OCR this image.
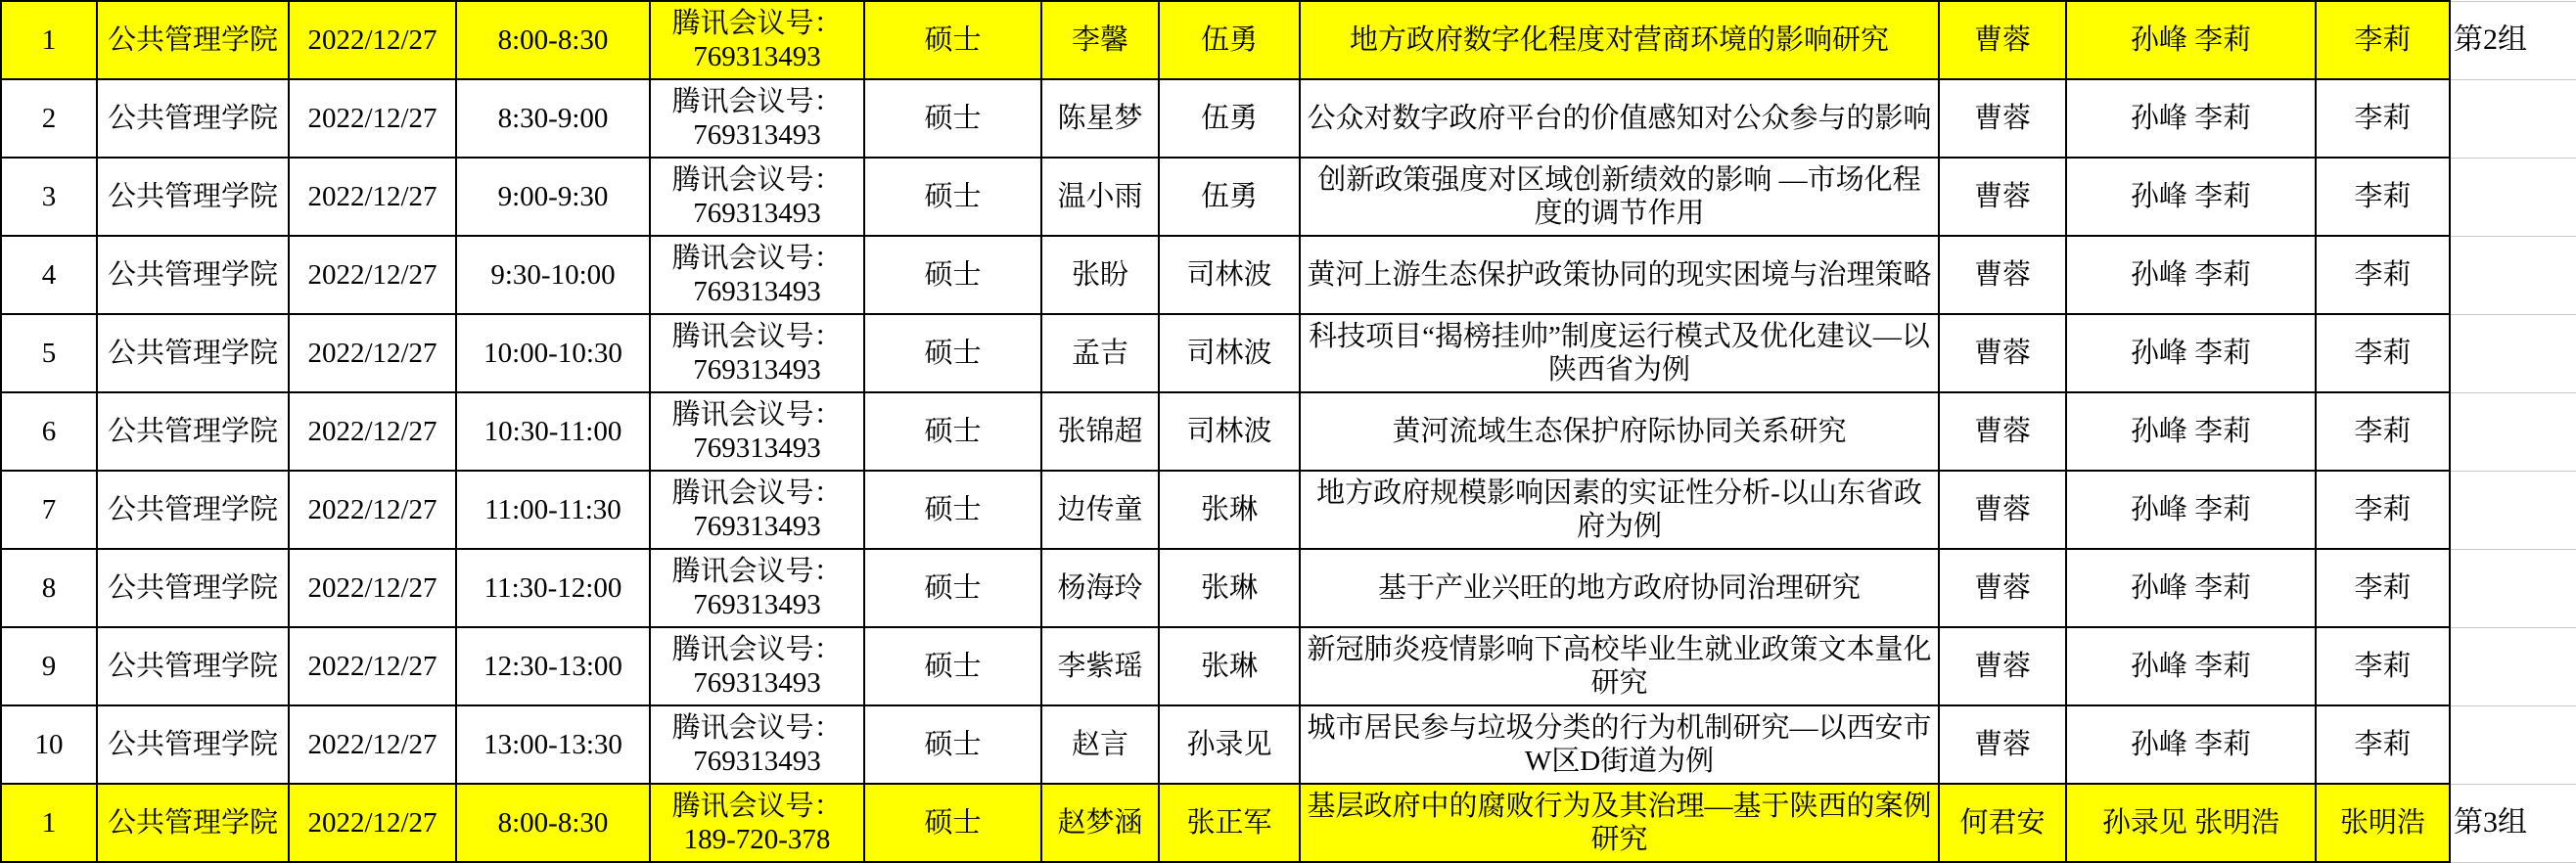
1	公共管理学院	2022/12/27	8:00-8:30	腾讯会议号：
769313493	硕士	李馨	伍勇	地方政府数字化程度对营商环境的影响研究	曹蓉	孙峰 李莉	李莉	第2组
2	公共管理学院	2022/12/27	8:30-9:00	腾讯会议号：
769313493	硕士	陈星梦	伍勇	公众对数字政府平台的价值感知对公众参与的影响	曹蓉	孙峰 李莉	李莉	
3	公共管理学院	2022/12/27	9:00-9:30	腾讯会议号：
769313493	硕士	温小雨	伍勇	创新政策强度对区域创新绩效的影响 —市场化程度的调节作用	曹蓉	孙峰 李莉	李莉	
4	公共管理学院	2022/12/27	9:30-10:00	腾讯会议号：
769313493	硕士	张盼	司林波	黄河上游生态保护政策协同的现实困境与治理策略	曹蓉	孙峰 李莉	李莉	
5	公共管理学院	2022/12/27	10:00-10:30	腾讯会议号：
769313493	硕士	孟吉	司林波	科技项目“揭榜挂帅”制度运行模式及优化建议—以陕西省为例	曹蓉	孙峰 李莉	李莉	
6	公共管理学院	2022/12/27	10:30-11:00	腾讯会议号：
769313493	硕士	张锦超	司林波	黄河流域生态保护府际协同关系研究	曹蓉	孙峰 李莉	李莉	
7	公共管理学院	2022/12/27	11:00-11:30	腾讯会议号：
769313493	硕士	边传童	张琳	地方政府规模影响因素的实证性分析-以山东省政府为例	曹蓉	孙峰 李莉	李莉	
8	公共管理学院	2022/12/27	11:30-12:00	腾讯会议号：
769313493	硕士	杨海玲	张琳	基于产业兴旺的地方政府协同治理研究	曹蓉	孙峰 李莉	李莉	
9	公共管理学院	2022/12/27	12:30-13:00	腾讯会议号：
769313493	硕士	李紫瑶	张琳	新冠肺炎疫情影响下高校毕业生就业政策文本量化研究	曹蓉	孙峰 李莉	李莉	
10	公共管理学院	2022/12/27	13:00-13:30	腾讯会议号：
769313493	硕士	赵言	孙录见	城市居民参与垃圾分类的行为机制研究—以西安市W区D街道为例	曹蓉	孙峰 李莉	李莉	
1	公共管理学院	2022/12/27	8:00-8:30	腾讯会议号：
189-720-378	硕士	赵梦涵	张正军	基层政府中的腐败行为及其治理—基于陕西的案例研究	何君安	孙录见 张明浩	张明浩	第3组
